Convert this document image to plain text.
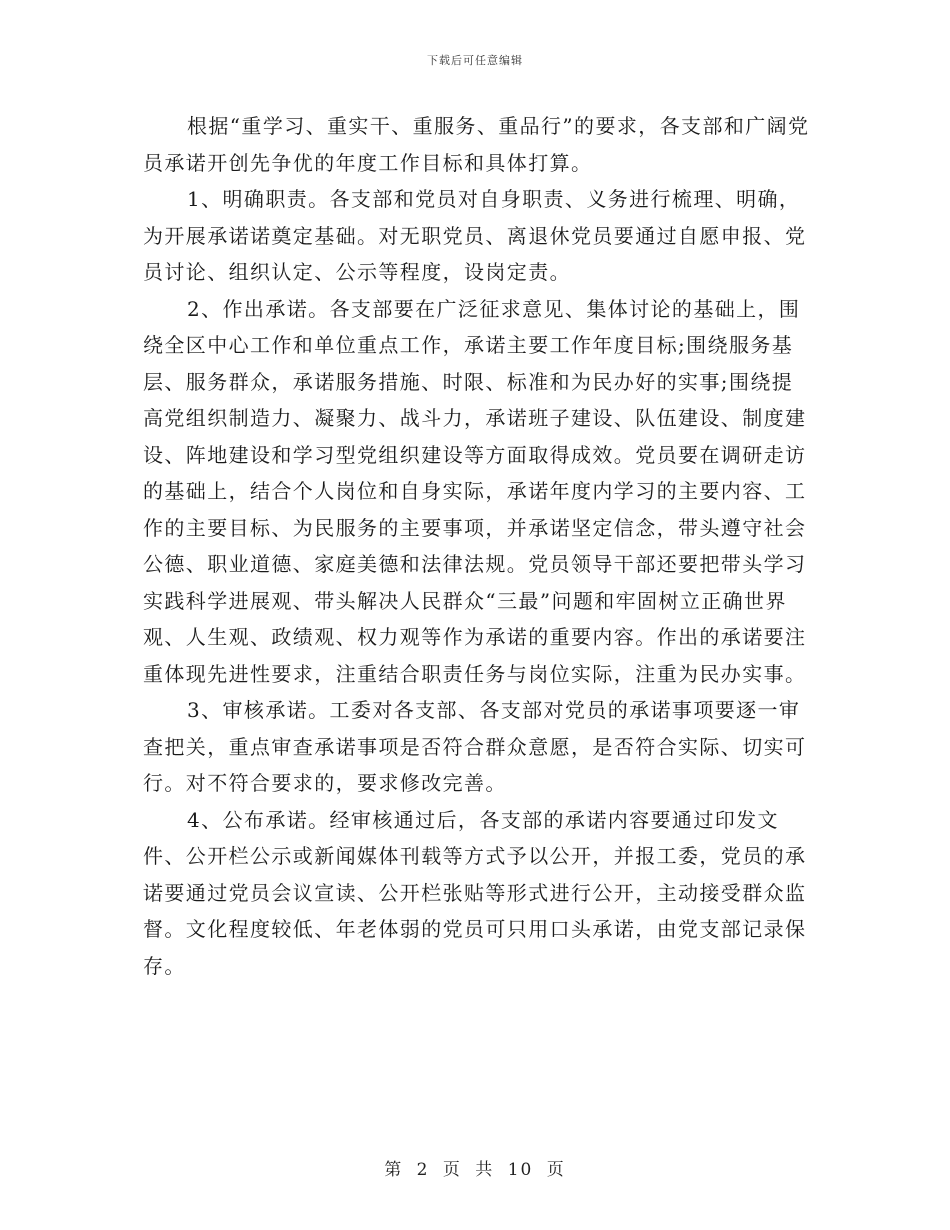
下载后可任意编辑

根据“重学习、重实干、重服务、重品行”的要求，各支部和广阔党员承诺开创先争优的年度工作目标和具体打算。

1、明确职责。各支部和党员对自身职责、义务进行梳理、明确，为开展承诺诺奠定基础。对无职党员、离退休党员要通过自愿申报、党员讨论、组织认定、公示等程度，设岗定责。

2、作出承诺。各支部要在广泛征求意见、集体讨论的基础上，围绕全区中心工作和单位重点工作，承诺主要工作年度目标;围绕服务基层、服务群众，承诺服务措施、时限、标准和为民办好的实事;围绕提高党组织制造力、凝聚力、战斗力，承诺班子建设、队伍建设、制度建设、阵地建设和学习型党组织建设等方面取得成效。党员要在调研走访的基础上，结合个人岗位和自身实际，承诺年度内学习的主要内容、工作的主要目标、为民服务的主要事项，并承诺坚定信念，带头遵守社会公德、职业道德、家庭美德和法律法规。党员领导干部还要把带头学习实践科学进展观、带头解决人民群众“三最”问题和牢固树立正确世界观、人生观、政绩观、权力观等作为承诺的重要内容。作出的承诺要注重体现先进性要求，注重结合职责任务与岗位实际，注重为民办实事。

3、审核承诺。工委对各支部、各支部对党员的承诺事项要逐一审查把关，重点审查承诺事项是否符合群众意愿，是否符合实际、切实可行。对不符合要求的，要求修改完善。

4、公布承诺。经审核通过后，各支部的承诺内容要通过印发文件、公开栏公示或新闻媒体刊载等方式予以公开，并报工委，党员的承诺要通过党员会议宣读、公开栏张贴等形式进行公开，主动接受群众监督。文化程度较低、年老体弱的党员可只用口头承诺，由党支部记录保存。

第 2 页 共 10 页
